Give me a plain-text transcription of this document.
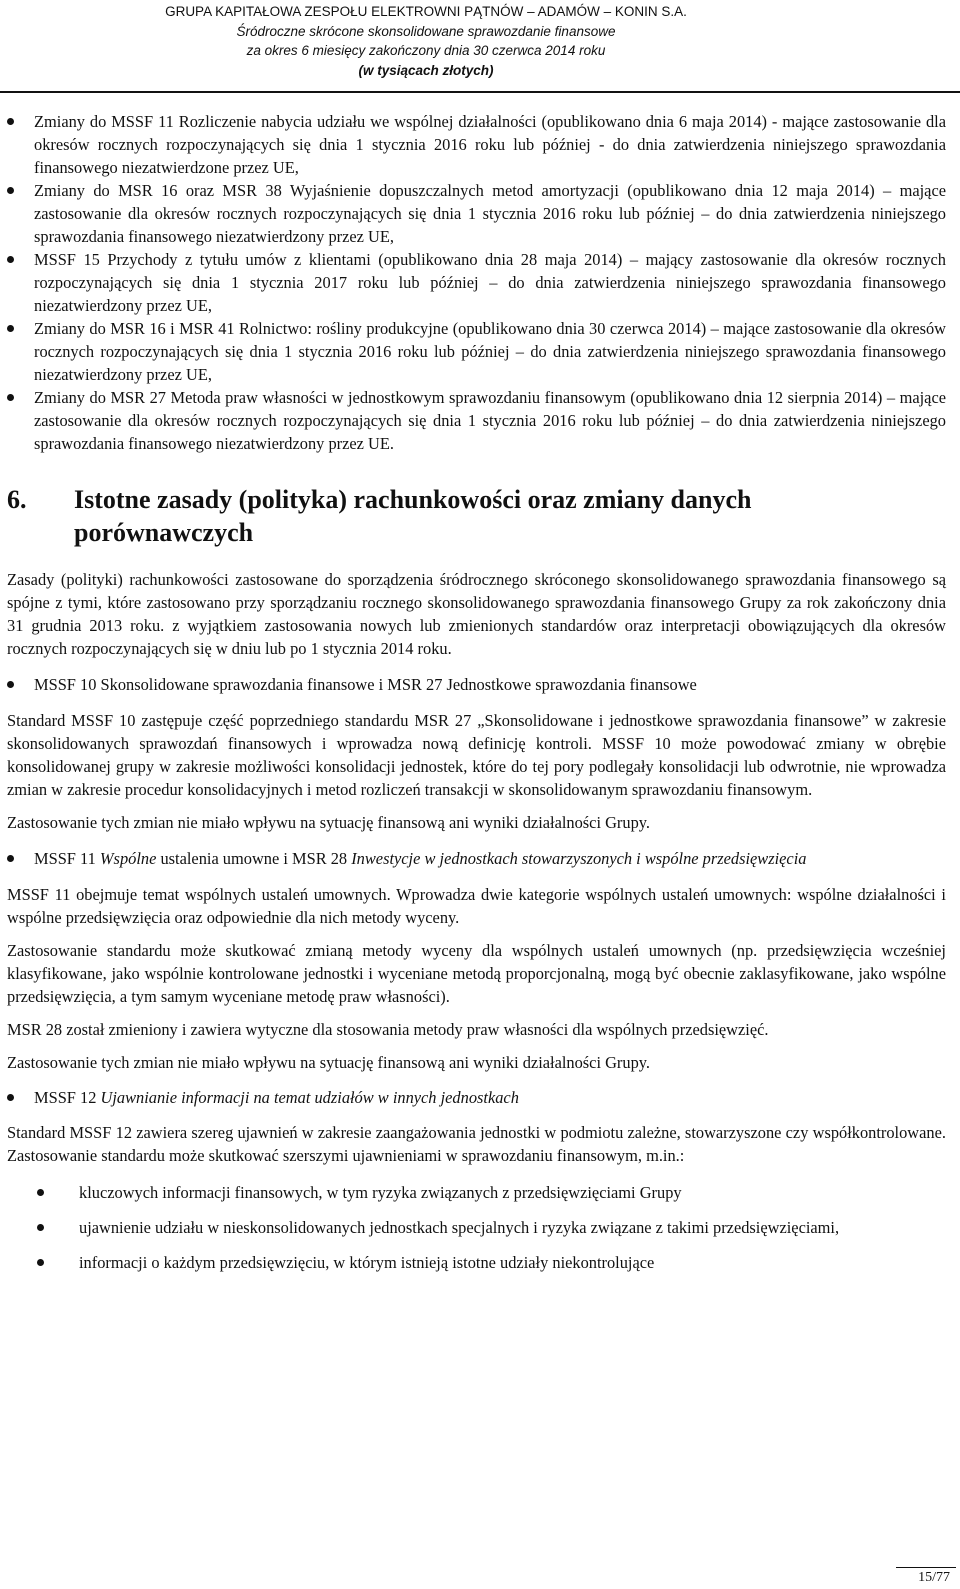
GRUPA KAPITAŁOWA ZESPOŁU ELEKTROWNI PĄTNÓW – ADAMÓW – KONIN S.A.
Śródroczne skrócone skonsolidowane sprawozdanie finansowe
za okres 6 miesięcy zakończony dnia 30 czerwca 2014 roku
(w tysiącach złotych)
Zmiany do MSSF 11 Rozliczenie nabycia udziału we wspólnej działalności (opublikowano dnia 6 maja 2014) - mające zastosowanie dla okresów rocznych rozpoczynających się dnia 1 stycznia 2016 roku lub później - do dnia zatwierdzenia niniejszego sprawozdania finansowego niezatwierdzone przez UE,
Zmiany do MSR 16 oraz MSR 38 Wyjaśnienie dopuszczalnych metod amortyzacji (opublikowano dnia 12 maja 2014) – mające zastosowanie dla okresów rocznych rozpoczynających się dnia 1 stycznia 2016 roku lub później – do dnia zatwierdzenia niniejszego sprawozdania finansowego niezatwierdzony przez UE,
MSSF 15 Przychody z tytułu umów z klientami (opublikowano dnia 28 maja 2014) – mający zastosowanie dla okresów rocznych rozpoczynających się dnia 1 stycznia 2017 roku lub później – do dnia zatwierdzenia niniejszego sprawozdania finansowego niezatwierdzony przez UE,
Zmiany do MSR 16 i MSR 41 Rolnictwo: rośliny produkcyjne (opublikowano dnia 30 czerwca 2014) – mające zastosowanie dla okresów rocznych rozpoczynających się dnia 1 stycznia 2016 roku lub później – do dnia zatwierdzenia niniejszego sprawozdania finansowego niezatwierdzony przez UE,
Zmiany do MSR 27 Metoda praw własności w jednostkowym sprawozdaniu finansowym (opublikowano dnia 12 sierpnia 2014) – mające zastosowanie dla okresów rocznych rozpoczynających się dnia 1 stycznia 2016 roku lub później – do dnia zatwierdzenia niniejszego sprawozdania finansowego niezatwierdzony przez UE.
6. Istotne zasady (polityka) rachunkowości oraz zmiany danych porównawczych

Zasady (polityki) rachunkowości zastosowane do sporządzenia śródrocznego skróconego skonsolidowanego sprawozdania finansowego są spójne z tymi, które zastosowano przy sporządzaniu rocznego skonsolidowanego sprawozdania finansowego Grupy za rok zakończony dnia 31 grudnia 2013 roku. z wyjątkiem zastosowania nowych lub zmienionych standardów oraz interpretacji obowiązujących dla okresów rocznych rozpoczynających się w dniu lub po 1 stycznia 2014 roku.

MSSF 10 Skonsolidowane sprawozdania finansowe i MSR 27 Jednostkowe sprawozdania finansowe

Standard MSSF 10 zastępuje część poprzedniego standardu MSR 27 „Skonsolidowane i jednostkowe sprawozdania finansowe” w zakresie skonsolidowanych sprawozdań finansowych i wprowadza nową definicję kontroli. MSSF 10 może powodować zmiany w obrębie konsolidowanej grupy w zakresie możliwości konsolidacji jednostek, które do tej pory podlegały konsolidacji lub odwrotnie, nie wprowadza zmian w zakresie procedur konsolidacyjnych i metod rozliczeń transakcji w skonsolidowanym sprawozdaniu finansowym.

Zastosowanie tych zmian nie miało wpływu na sytuację finansową ani wyniki działalności Grupy.

MSSF 11 Wspólne ustalenia umowne i MSR 28 Inwestycje w jednostkach stowarzyszonych i wspólne przedsięwzięcia

MSSF 11 obejmuje temat wspólnych ustaleń umownych. Wprowadza dwie kategorie wspólnych ustaleń umownych: wspólne działalności i wspólne przedsięwzięcia oraz odpowiednie dla nich metody wyceny.

Zastosowanie standardu może skutkować zmianą metody wyceny dla wspólnych ustaleń umownych (np. przedsięwzięcia wcześniej klasyfikowane, jako wspólnie kontrolowane jednostki i wyceniane metodą proporcjonalną, mogą być obecnie zaklasyfikowane, jako wspólne przedsięwzięcia, a tym samym wyceniane metodę praw własności).

MSR 28 został zmieniony i zawiera wytyczne dla stosowania metody praw własności dla wspólnych przedsięwzięć.

Zastosowanie tych zmian nie miało wpływu na sytuację finansową ani wyniki działalności Grupy.

MSSF 12 Ujawnianie informacji na temat udziałów w innych jednostkach

Standard MSSF 12 zawiera szereg ujawnień w zakresie zaangażowania jednostki w podmiotu zależne, stowarzyszone czy współkontrolowane. Zastosowanie standardu może skutkować szerszymi ujawnieniami w sprawozdaniu finansowym, m.in.:

kluczowych informacji finansowych, w tym ryzyka związanych z przedsięwzięciami Grupy
ujawnienie udziału w nieskonsolidowanych jednostkach specjalnych i ryzyka związane z takimi przedsięwzięciami,
informacji o każdym przedsięwzięciu, w którym istnieją istotne udziały niekontrolujące
15/77
